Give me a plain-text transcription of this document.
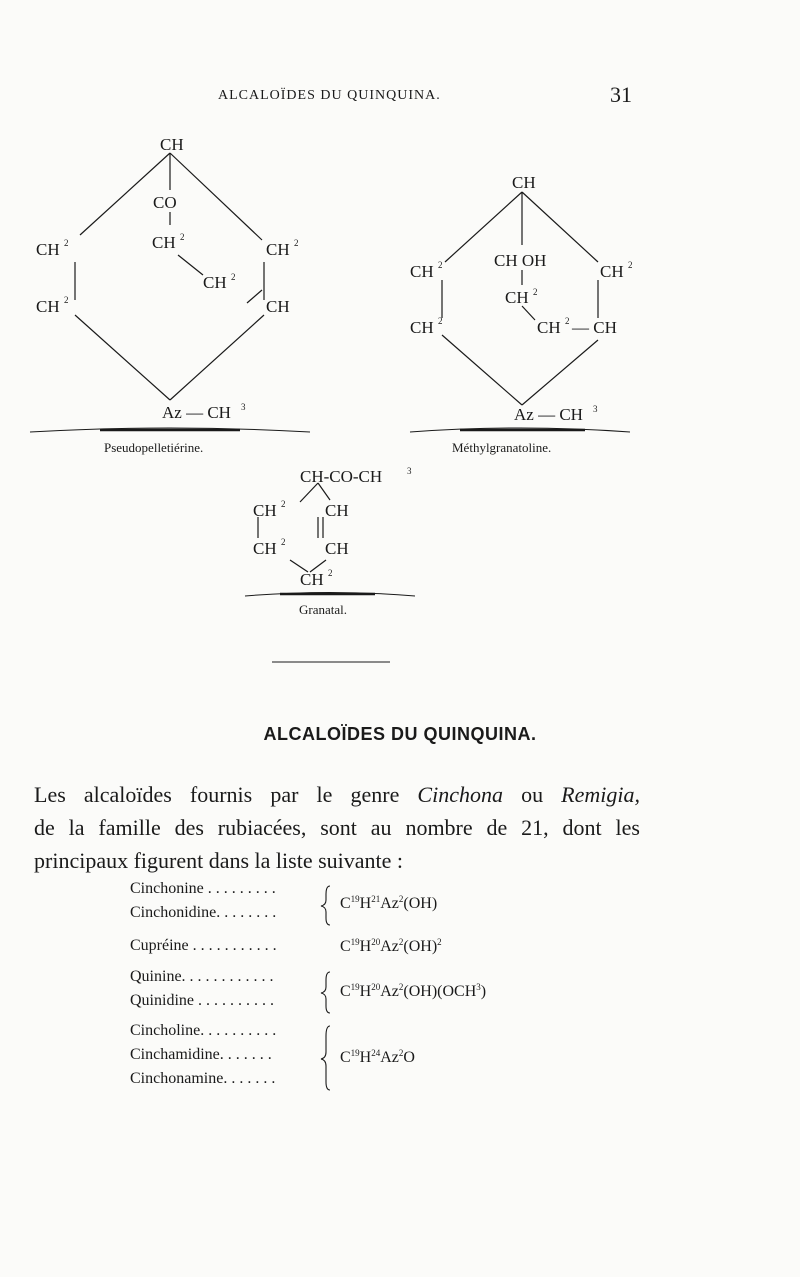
ALCALOÏDES DU QUINQUINA.	31
CH
CO
CH 2
CH 2
CH 2
CH 2
CH 2
CH
Az — CH 3
Pseudopelletiérine.
CH
CH OH
CH 2
CH 2
CH 2
CH 2
CH 2 — CH
Az — CH 3
Méthylgranatoline.
CH-CO-CH	3
CH 2
CH 2
CH
CH
CH 2
Granatal.
ALCALOÏDES DU QUINQUINA.
Les alcaloïdes fournis par le genre Cinchona ou Remigia,
de la famille des rubiacées, sont au nombre de 21, dont les
principaux figurent dans la liste suivante :
Cinchonine . . . . . . . . .
Cinchonidine. . . . . . . .
$C^{19}H^{21}Az^2(OH)$
Cupréine . . . . . . . . . . .	$C^{19}H^{20}Az^2(OH)^2$
Quinine. . . . . . . . . . . .
Quinidine . . . . . . . . . .
$C^{19}H^{20}Az^2(OH)(OCH^3)$
Cincholine. . . . . . . . . .
Cinchamidine. . . . . . .
Cinchonamine. . . . . . .
$C^{19}H^{24}Az^2O$
